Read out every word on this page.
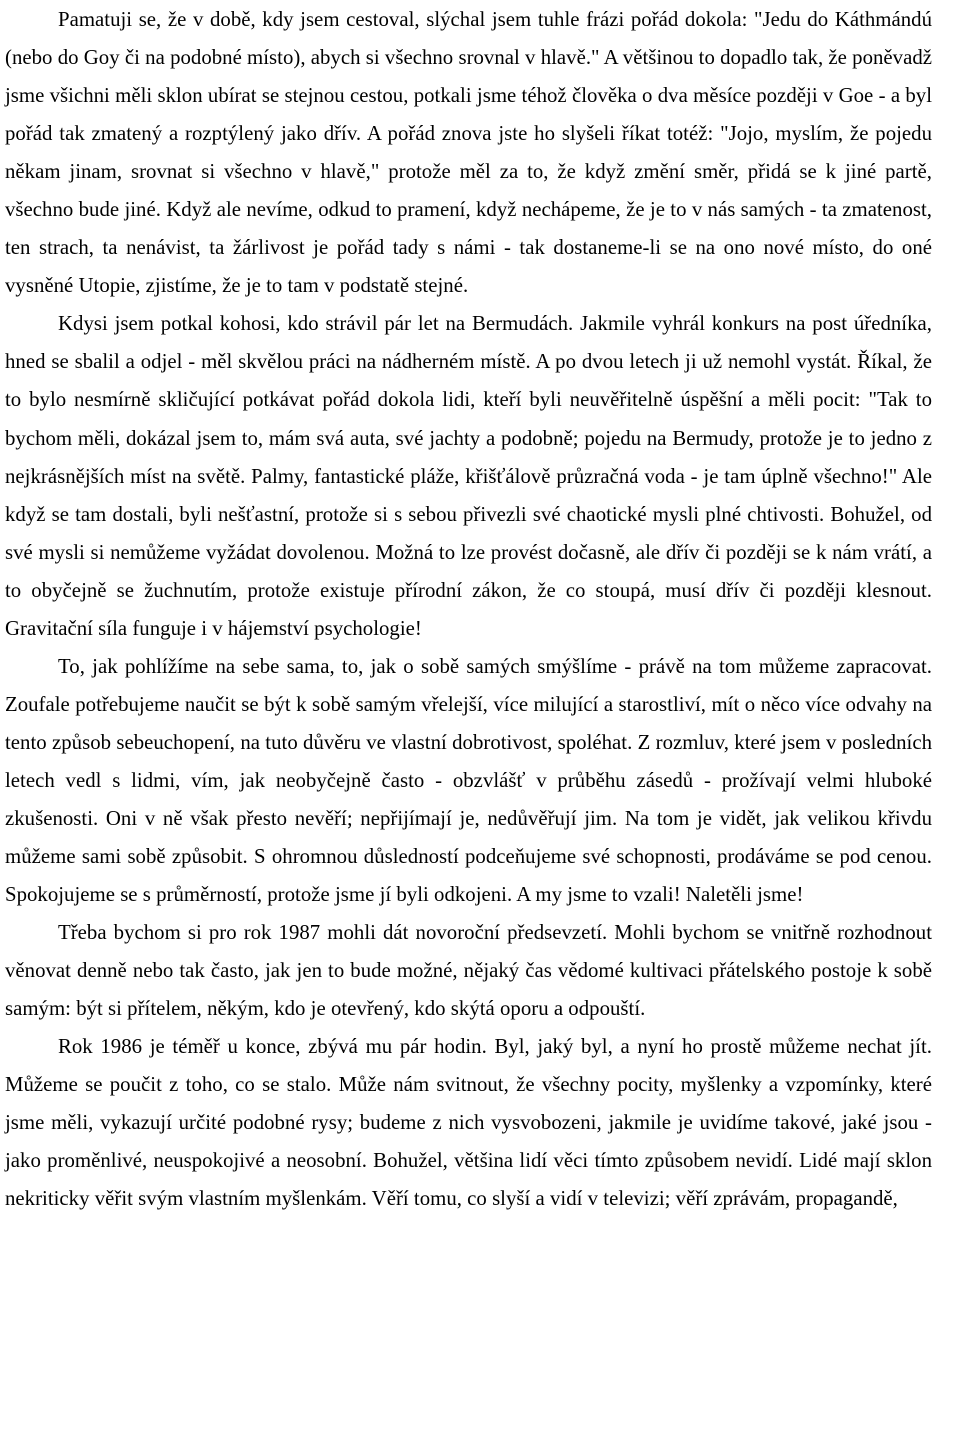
Pamatuji se, že v době, kdy jsem cestoval, slýchal jsem tuhle frázi pořád dokola: "Jedu do Káthmándú (nebo do Goy či na podobné místo), abych si všechno srovnal v hlavě." A většinou to dopadlo tak, že poněvadž jsme všichni měli sklon ubírat se stejnou cestou, potkali jsme téhož člověka o dva měsíce později v Goe - a byl pořád tak zmatený a rozptýlený jako dřív. A pořád znova jste ho slyšeli říkat totéž: "Jojo, myslím, že pojedu někam jinam, srovnat si všechno v hlavě," protože měl za to, že když změní směr, přidá se k jiné partě, všechno bude jiné. Když ale nevíme, odkud to pramení, když nechápeme, že je to v nás samých - ta zmatenost, ten strach, ta nenávist, ta žárlivost je pořád tady s námi - tak dostaneme-li se na ono nové místo, do oné vysněné Utopie, zjistíme, že je to tam v podstatě stejné.

Kdysi jsem potkal kohosi, kdo strávil pár let na Bermudách. Jakmile vyhrál konkurs na post úředníka, hned se sbalil a odjel - měl skvělou práci na nádherném místě. A po dvou letech ji už nemohl vystát. Říkal, že to bylo nesmírně skličující potkávat pořád dokola lidi, kteří byli neuvěřitelně úspěšní a měli pocit: "Tak to bychom měli, dokázal jsem to, mám svá auta, své jachty a podobně; pojedu na Bermudy, protože je to jedno z nejkrásnějších míst na světě. Palmy, fantastické pláže, křišťálově průzračná voda - je tam úplně všechno!" Ale když se tam dostali, byli nešťastní, protože si s sebou přivezli své chaotické mysli plné chtivosti. Bohužel, od své mysli si nemůžeme vyžádat dovolenou. Možná to lze provést dočasně, ale dřív či později se k nám vrátí, a to obyčejně se žuchnutím, protože existuje přírodní zákon, že co stoupá, musí dřív či později klesnout. Gravitační síla funguje i v hájemství psychologie!

To, jak pohlížíme na sebe sama, to, jak o sobě samých smýšlíme - právě na tom můžeme zapracovat. Zoufale potřebujeme naučit se být k sobě samým vřelejší, více milující a starostliví, mít o něco více odvahy na tento způsob sebeuchopení, na tuto důvěru ve vlastní dobrotivost, spoléhat. Z rozmluv, které jsem v posledních letech vedl s lidmi, vím, jak neobyčejně často - obzvlášť v průběhu zásedů - prožívají velmi hluboké zkušenosti. Oni v ně však přesto nevěří; nepřijímají je, nedůvěřují jim. Na tom je vidět, jak velikou křivdu můžeme sami sobě způsobit. S ohromnou důsledností podceňujeme své schopnosti, prodáváme se pod cenou. Spokojujeme se s průměrností, protože jsme jí byli odkojeni. A my jsme to vzali! Naletěli jsme!

Třeba bychom si pro rok 1987 mohli dát novoroční předsevzetí. Mohli bychom se vnitřně rozhodnout věnovat denně nebo tak často, jak jen to bude možné, nějaký čas vědomé kultivaci přátelského postoje k sobě samým: být si přítelem, někým, kdo je otevřený, kdo skýtá oporu a odpouští.

Rok 1986 je téměř u konce, zbývá mu pár hodin. Byl, jaký byl, a nyní ho prostě můžeme nechat jít. Můžeme se poučit z toho, co se stalo. Může nám svitnout, že všechny pocity, myšlenky a vzpomínky, které jsme měli, vykazují určité podobné rysy; budeme z nich vysvobozeni, jakmile je uvidíme takové, jaké jsou - jako proměnlivé, neuspokojivé a neosobní. Bohužel, většina lidí věci tímto způsobem nevidí. Lidé mají sklon nekriticky věřit svým vlastním myšlenkám. Věří tomu, co slyší a vidí v televizi; věří zprávám, propagandě,
